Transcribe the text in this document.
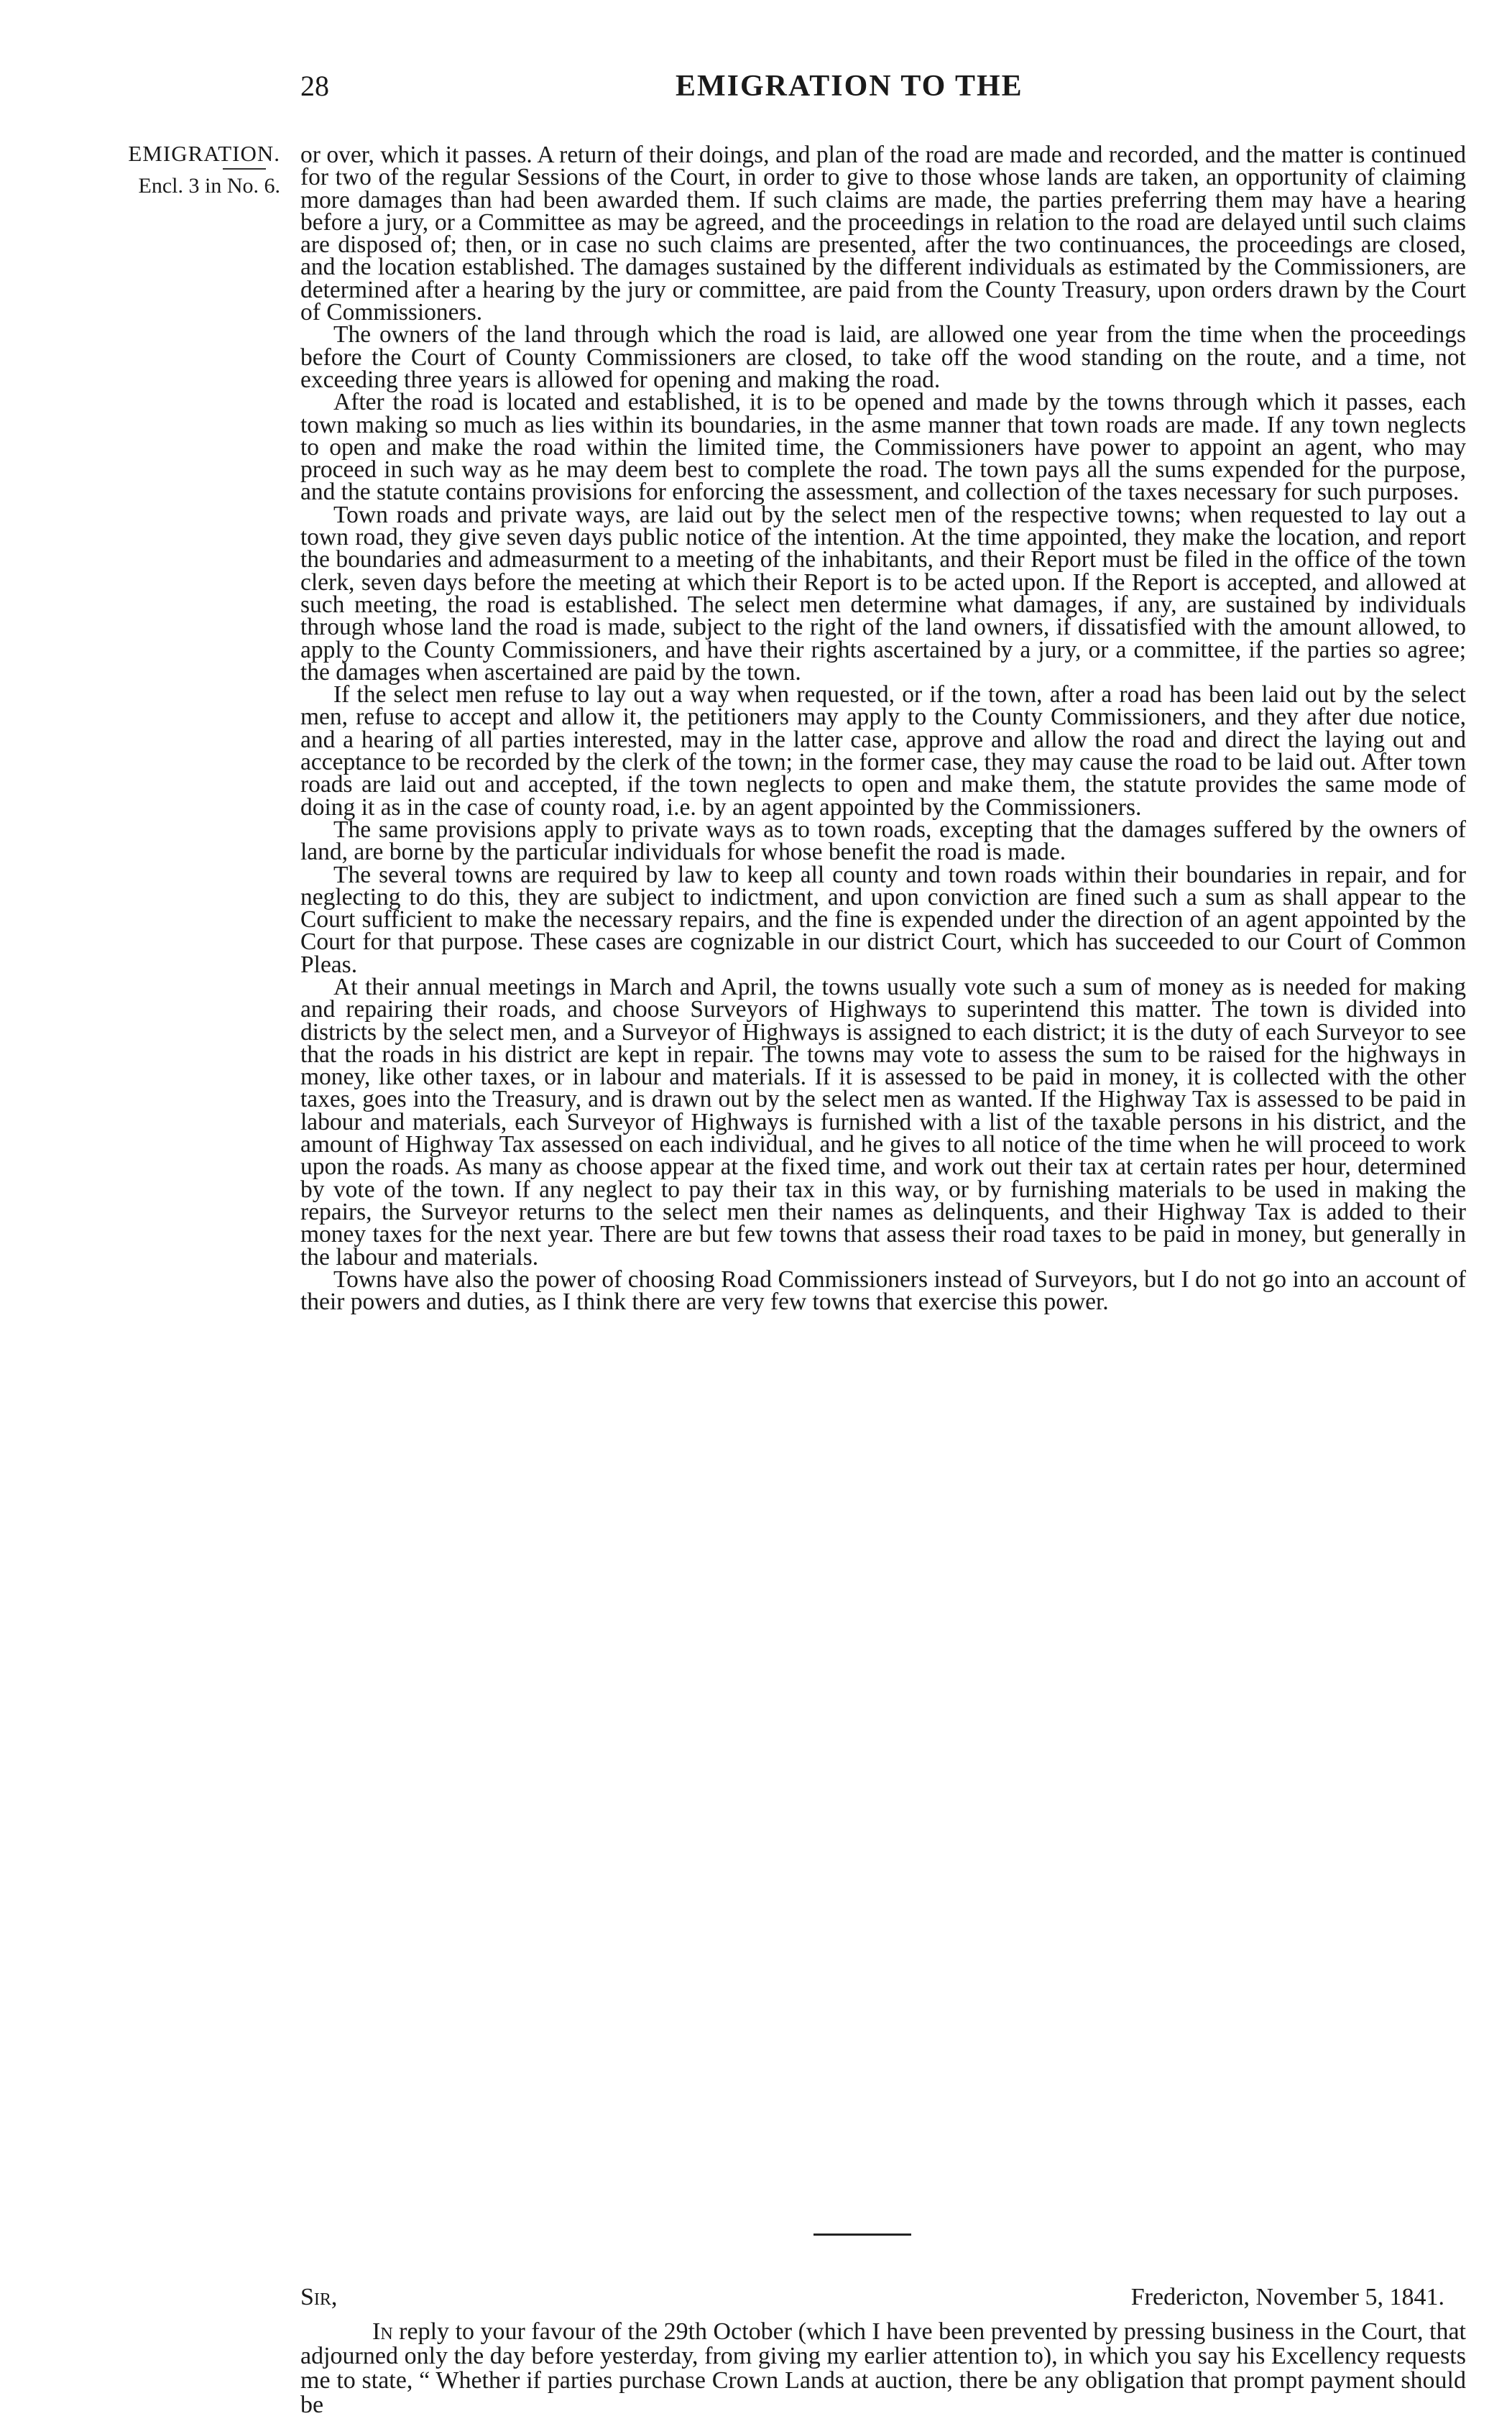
28	EMIGRATION TO THE
EMIGRATION.
Encl. 3 in No. 6.

or over, which it passes. A return of their doings, and plan of the road are made and recorded, and the matter is continued for two of the regular Sessions of the Court, in order to give to those whose lands are taken, an opportunity of claiming more damages than had been awarded them. If such claims are made, the parties preferring them may have a hearing before a jury, or a Committee as may be agreed, and the proceedings in relation to the road are delayed until such claims are disposed of; then, or in case no such claims are presented, after the two continuances, the proceedings are closed, and the location established. The damages sustained by the different individuals as estimated by the Commissioners, are determined after a hearing by the jury or committee, are paid from the County Treasury, upon orders drawn by the Court of Commissioners.

The owners of the land through which the road is laid, are allowed one year from the time when the proceedings before the Court of County Commissioners are closed, to take off the wood standing on the route, and a time, not exceeding three years is allowed for opening and making the road.

After the road is located and established, it is to be opened and made by the towns through which it passes, each town making so much as lies within its boundaries, in the asme manner that town roads are made. If any town neglects to open and make the road within the limited time, the Commissioners have power to appoint an agent, who may proceed in such way as he may deem best to complete the road. The town pays all the sums expended for the purpose, and the statute contains provisions for enforcing the assessment, and collection of the taxes necessary for such purposes.

Town roads and private ways, are laid out by the select men of the respective towns; when requested to lay out a town road, they give seven days public notice of the intention. At the time appointed, they make the location, and report the boundaries and admeasurment to a meeting of the inhabitants, and their Report must be filed in the office of the town clerk, seven days before the meeting at which their Report is to be acted upon. If the Report is accepted, and allowed at such meeting, the road is established. The select men determine what damages, if any, are sustained by individuals through whose land the road is made, subject to the right of the land owners, if dissatisfied with the amount allowed, to apply to the County Commissioners, and have their rights ascertained by a jury, or a committee, if the parties so agree; the damages when ascertained are paid by the town.

If the select men refuse to lay out a way when requested, or if the town, after a road has been laid out by the select men, refuse to accept and allow it, the petitioners may apply to the County Commissioners, and they after due notice, and a hearing of all parties interested, may in the latter case, approve and allow the road and direct the laying out and acceptance to be recorded by the clerk of the town; in the former case, they may cause the road to be laid out. After town roads are laid out and accepted, if the town neglects to open and make them, the statute provides the same mode of doing it as in the case of county road, i.e. by an agent appointed by the Commissioners.

The same provisions apply to private ways as to town roads, excepting that the damages suffered by the owners of land, are borne by the particular individuals for whose benefit the road is made.

The several towns are required by law to keep all county and town roads within their boundaries in repair, and for neglecting to do this, they are subject to indictment, and upon conviction are fined such a sum as shall appear to the Court sufficient to make the necessary repairs, and the fine is expended under the direction of an agent appointed by the Court for that purpose. These cases are cognizable in our district Court, which has succeeded to our Court of Common Pleas.

At their annual meetings in March and April, the towns usually vote such a sum of money as is needed for making and repairing their roads, and choose Surveyors of Highways to superintend this matter. The town is divided into districts by the select men, and a Surveyor of Highways is assigned to each district; it is the duty of each Surveyor to see that the roads in his district are kept in repair. The towns may vote to assess the sum to be raised for the highways in money, like other taxes, or in labour and materials. If it is assessed to be paid in money, it is collected with the other taxes, goes into the Treasury, and is drawn out by the select men as wanted. If the Highway Tax is assessed to be paid in labour and materials, each Surveyor of Highways is furnished with a list of the taxable persons in his district, and the amount of Highway Tax assessed on each individual, and he gives to all notice of the time when he will proceed to work upon the roads. As many as choose appear at the fixed time, and work out their tax at certain rates per hour, determined by vote of the town. If any neglect to pay their tax in this way, or by furnishing materials to be used in making the repairs, the Surveyor returns to the select men their names as delinquents, and their Highway Tax is added to their money taxes for the next year. There are but few towns that assess their road taxes to be paid in money, but generally in the labour and materials.

Towns have also the power of choosing Road Commissioners instead of Surveyors, but I do not go into an account of their powers and duties, as I think there are very few towns that exercise this power.

Sir,	Fredericton, November 5, 1841.

In reply to your favour of the 29th October (which I have been prevented by pressing business in the Court, that adjourned only the day before yesterday, from giving my earlier attention to), in which you say his Excellency requests me to state, “ Whether if parties purchase Crown Lands at auction, there be any obligation that prompt payment should be
